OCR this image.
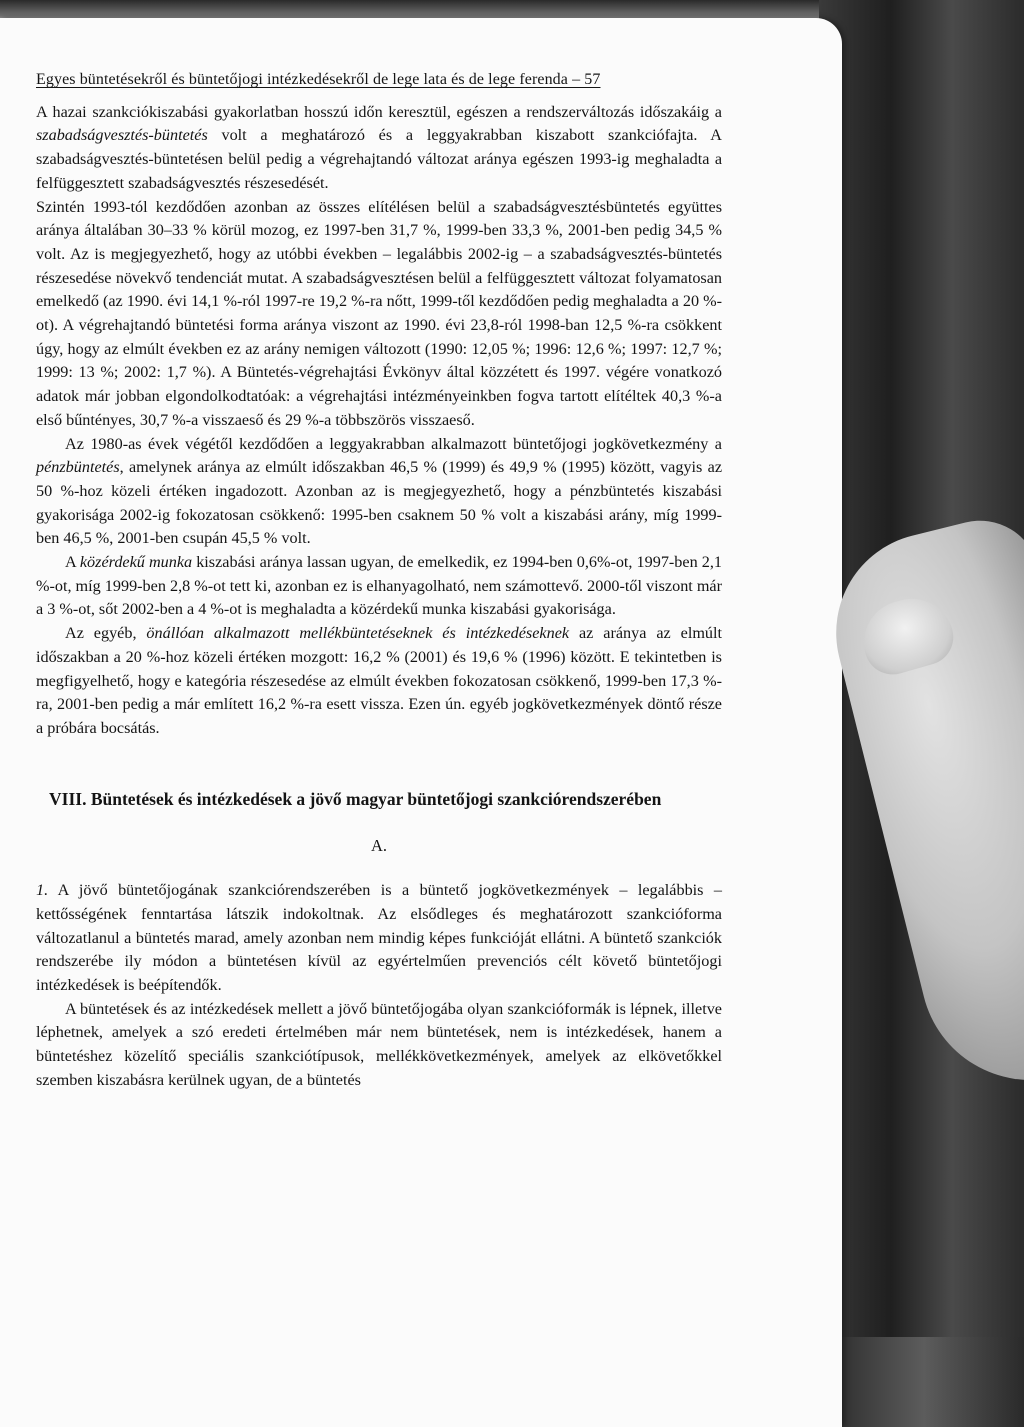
Egyes büntetésekről és büntetőjogi intézkedésekről de lege lata és de lege ferenda – 57

A hazai szankciókiszabási gyakorlatban hosszú időn keresztül, egészen a rendszerváltozás időszakáig a szabadságvesztés-büntetés volt a meghatározó és a leggyakrabban kiszabott szankciófajta. A szabadságvesztés-büntetésen belül pedig a végrehajtandó változat aránya egészen 1993-ig meghaladta a felfüggesztett szabadságvesztés részesedését.

Szintén 1993-tól kezdődően azonban az összes elítélésen belül a szabadságvesztésbüntetés együttes aránya általában 30–33 % körül mozog, ez 1997-ben 31,7 %, 1999-ben 33,3 %, 2001-ben pedig 34,5 % volt. Az is megjegyezhető, hogy az utóbbi években – legalábbis 2002-ig – a szabadságvesztés-büntetés részesedése növekvő tendenciát mutat. A szabadságvesztésen belül a felfüggesztett változat folyamatosan emelkedő (az 1990. évi 14,1 %-ról 1997-re 19,2 %-ra nőtt, 1999-től kezdődően pedig meghaladta a 20 %-ot). A végrehajtandó büntetési forma aránya viszont az 1990. évi 23,8-ról 1998-ban 12,5 %-ra csökkent úgy, hogy az elmúlt években ez az arány nemigen változott (1990: 12,05 %; 1996: 12,6 %; 1997: 12,7 %; 1999: 13 %; 2002: 1,7 %). A Büntetés-végrehajtási Évkönyv által közzétett és 1997. végére vonatkozó adatok már jobban elgondolkodtatóak: a végrehajtási intézményeinkben fogva tartott elítéltek 40,3 %-a első bűntényes, 30,7 %-a visszaeső és 29 %-a többszörös visszaeső.

Az 1980-as évek végétől kezdődően a leggyakrabban alkalmazott büntetőjogi jogkövetkezmény a pénzbüntetés, amelynek aránya az elmúlt időszakban 46,5 % (1999) és 49,9 % (1995) között, vagyis az 50 %-hoz közeli értéken ingadozott. Azonban az is megjegyezhető, hogy a pénzbüntetés kiszabási gyakorisága 2002-ig fokozatosan csökkenő: 1995-ben csaknem 50 % volt a kiszabási arány, míg 1999-ben 46,5 %, 2001-ben csupán 45,5 % volt.

A közérdekű munka kiszabási aránya lassan ugyan, de emelkedik, ez 1994-ben 0,6%-ot, 1997-ben 2,1 %-ot, míg 1999-ben 2,8 %-ot tett ki, azonban ez is elhanyagolható, nem számottevő. 2000-től viszont már a 3 %-ot, sőt 2002-ben a 4 %-ot is meghaladta a közérdekű munka kiszabási gyakorisága.

Az egyéb, önállóan alkalmazott mellékbüntetéseknek és intézkedéseknek az aránya az elmúlt időszakban a 20 %-hoz közeli értéken mozgott: 16,2 % (2001) és 19,6 % (1996) között. E tekintetben is megfigyelhető, hogy e kategória részesedése az elmúlt években fokozatosan csökkenő, 1999-ben 17,3 %-ra, 2001-ben pedig a már említett 16,2 %-ra esett vissza. Ezen ún. egyéb jogkövetkezmények döntő része a próbára bocsátás.

VIII. Büntetések és intézkedések a jövő magyar büntetőjogi szankciórendszerében
A.

1. A jövő büntetőjogának szankciórendszerében is a büntető jogkövetkezmények – legalábbis – kettősségének fenntartása látszik indokoltnak. Az elsődleges és meghatározott szankcióforma változatlanul a büntetés marad, amely azonban nem mindig képes funkcióját ellátni. A büntető szankciók rendszerébe ily módon a büntetésen kívül az egyértelműen prevenciós célt követő büntetőjogi intézkedések is beépítendők.

A büntetések és az intézkedések mellett a jövő büntetőjogába olyan szankcióformák is lépnek, illetve léphetnek, amelyek a szó eredeti értelmében már nem büntetések, nem is intézkedések, hanem a büntetéshez közelítő speciális szankciótípusok, mellékkövetkezmények, amelyek az elkövetőkkel szemben kiszabásra kerülnek ugyan, de a büntetés
